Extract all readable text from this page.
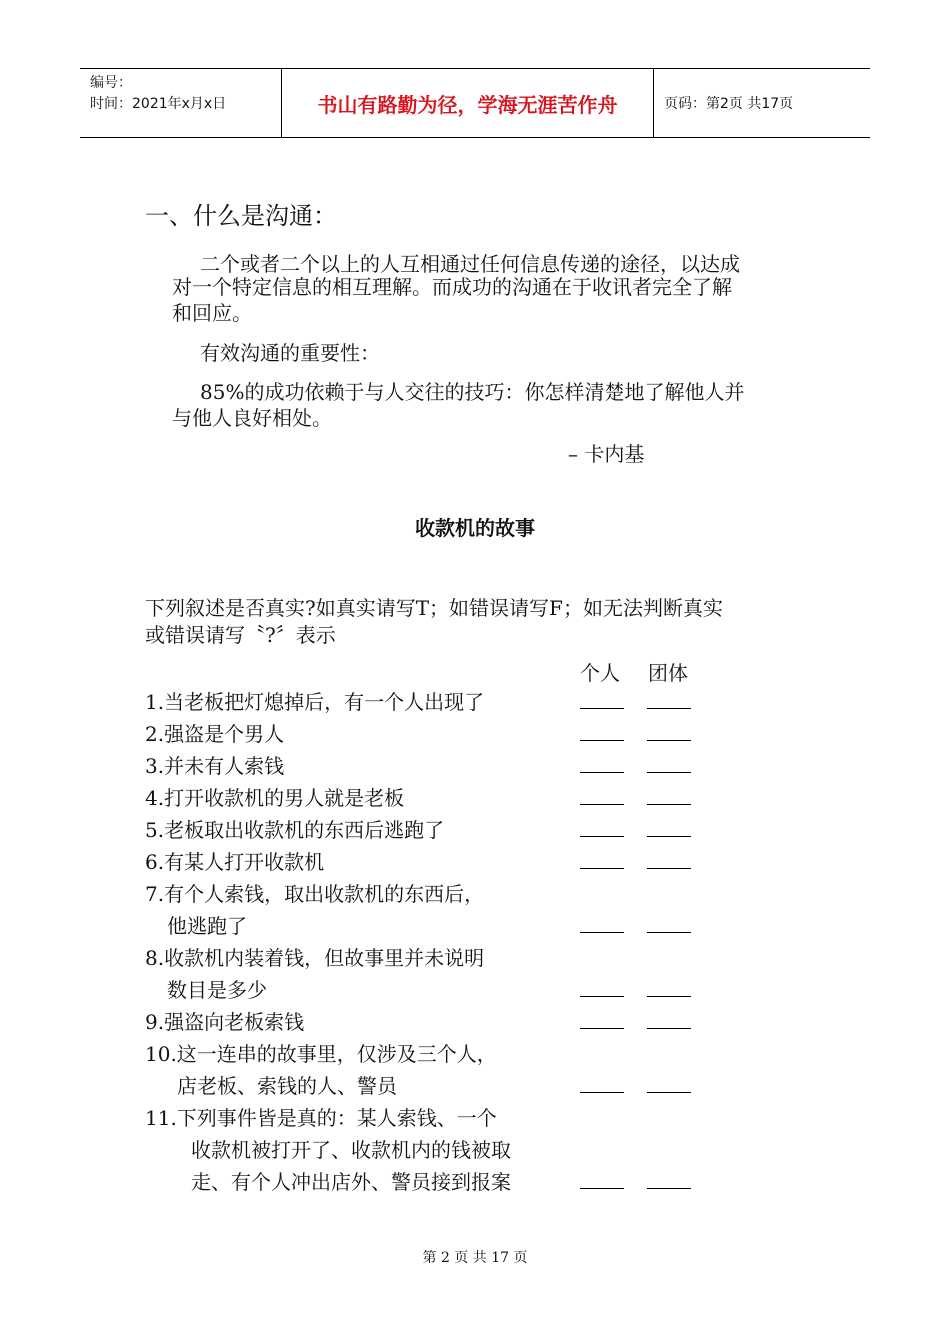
编号：
时间：2021年x月x日	书山有路勤为径，学海无涯苦作舟	页码：第2页 共17页
一、什么是沟通：
二个或者二个以上的人互相通过任何信息传递的途径，以达成
对一个特定信息的相互理解。而成功的沟通在于收讯者完全了解
和回应。
有效沟通的重要性：
85%的成功依赖于与人交往的技巧：你怎样清楚地了解他人并
与他人良好相处。
– 卡内基
收款机的故事
下列叙述是否真实?如真实请写T；如错误请写F；如无法判断真实
或错误请写〝?〞表示
个人 团体
1.当老板把灯熄掉后，有一个人出现了
2.强盗是个男人
3.并未有人索钱
4.打开收款机的男人就是老板
5.老板取出收款机的东西后逃跑了
6.有某人打开收款机
7.有个人索钱，取出收款机的东西后，
他逃跑了
8.收款机内装着钱，但故事里并未说明
数目是多少
9.强盗向老板索钱
10.这一连串的故事里，仅涉及三个人，
店老板、索钱的人、警员
11.下列事件皆是真的：某人索钱、一个
收款机被打开了、收款机内的钱被取
走、有个人冲出店外、警员接到报案
第 2 页 共 17 页
